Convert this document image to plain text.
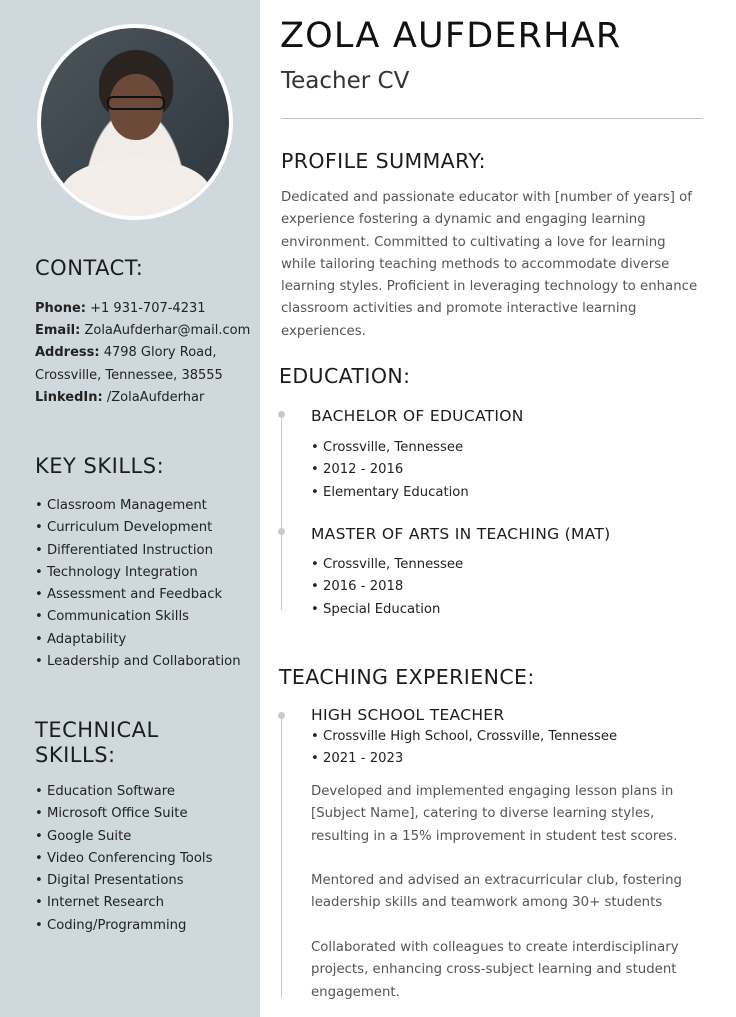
CONTACT:
Phone: +1 931-707-4231
Email: ZolaAufderhar@mail.com
Address: 4798 Glory Road,
Crossville, Tennessee, 38555
LinkedIn: /ZolaAufderhar
KEY SKILLS:
• Classroom Management
• Curriculum Development
• Differentiated Instruction
• Technology Integration
• Assessment and Feedback
• Communication Skills
• Adaptability
• Leadership and Collaboration
TECHNICAL
SKILLS:
• Education Software
• Microsoft Office Suite
• Google Suite
• Video Conferencing Tools
• Digital Presentations
• Internet Research
• Coding/Programming
ZOLA AUFDERHAR
Teacher CV
PROFILE SUMMARY:

Dedicated and passionate educator with [number of years] of experience fostering a dynamic and engaging learning environment. Committed to cultivating a love for learning while tailoring teaching methods to accommodate diverse learning styles. Proficient in leveraging technology to enhance classroom activities and promote interactive learning experiences.

EDUCATION:
BACHELOR OF EDUCATION
• Crossville, Tennessee
• 2012 - 2016
• Elementary Education
MASTER OF ARTS IN TEACHING (MAT)
• Crossville, Tennessee
• 2016 - 2018
• Special Education
TEACHING EXPERIENCE:
HIGH SCHOOL TEACHER
• Crossville High School, Crossville, Tennessee
• 2021 - 2023

Developed and implemented engaging lesson plans in [Subject Name], catering to diverse learning styles, resulting in a 15% improvement in student test scores.

Mentored and advised an extracurricular club, fostering leadership skills and teamwork among 30+ students

Collaborated with colleagues to create interdisciplinary projects, enhancing cross-subject learning and student engagement.
